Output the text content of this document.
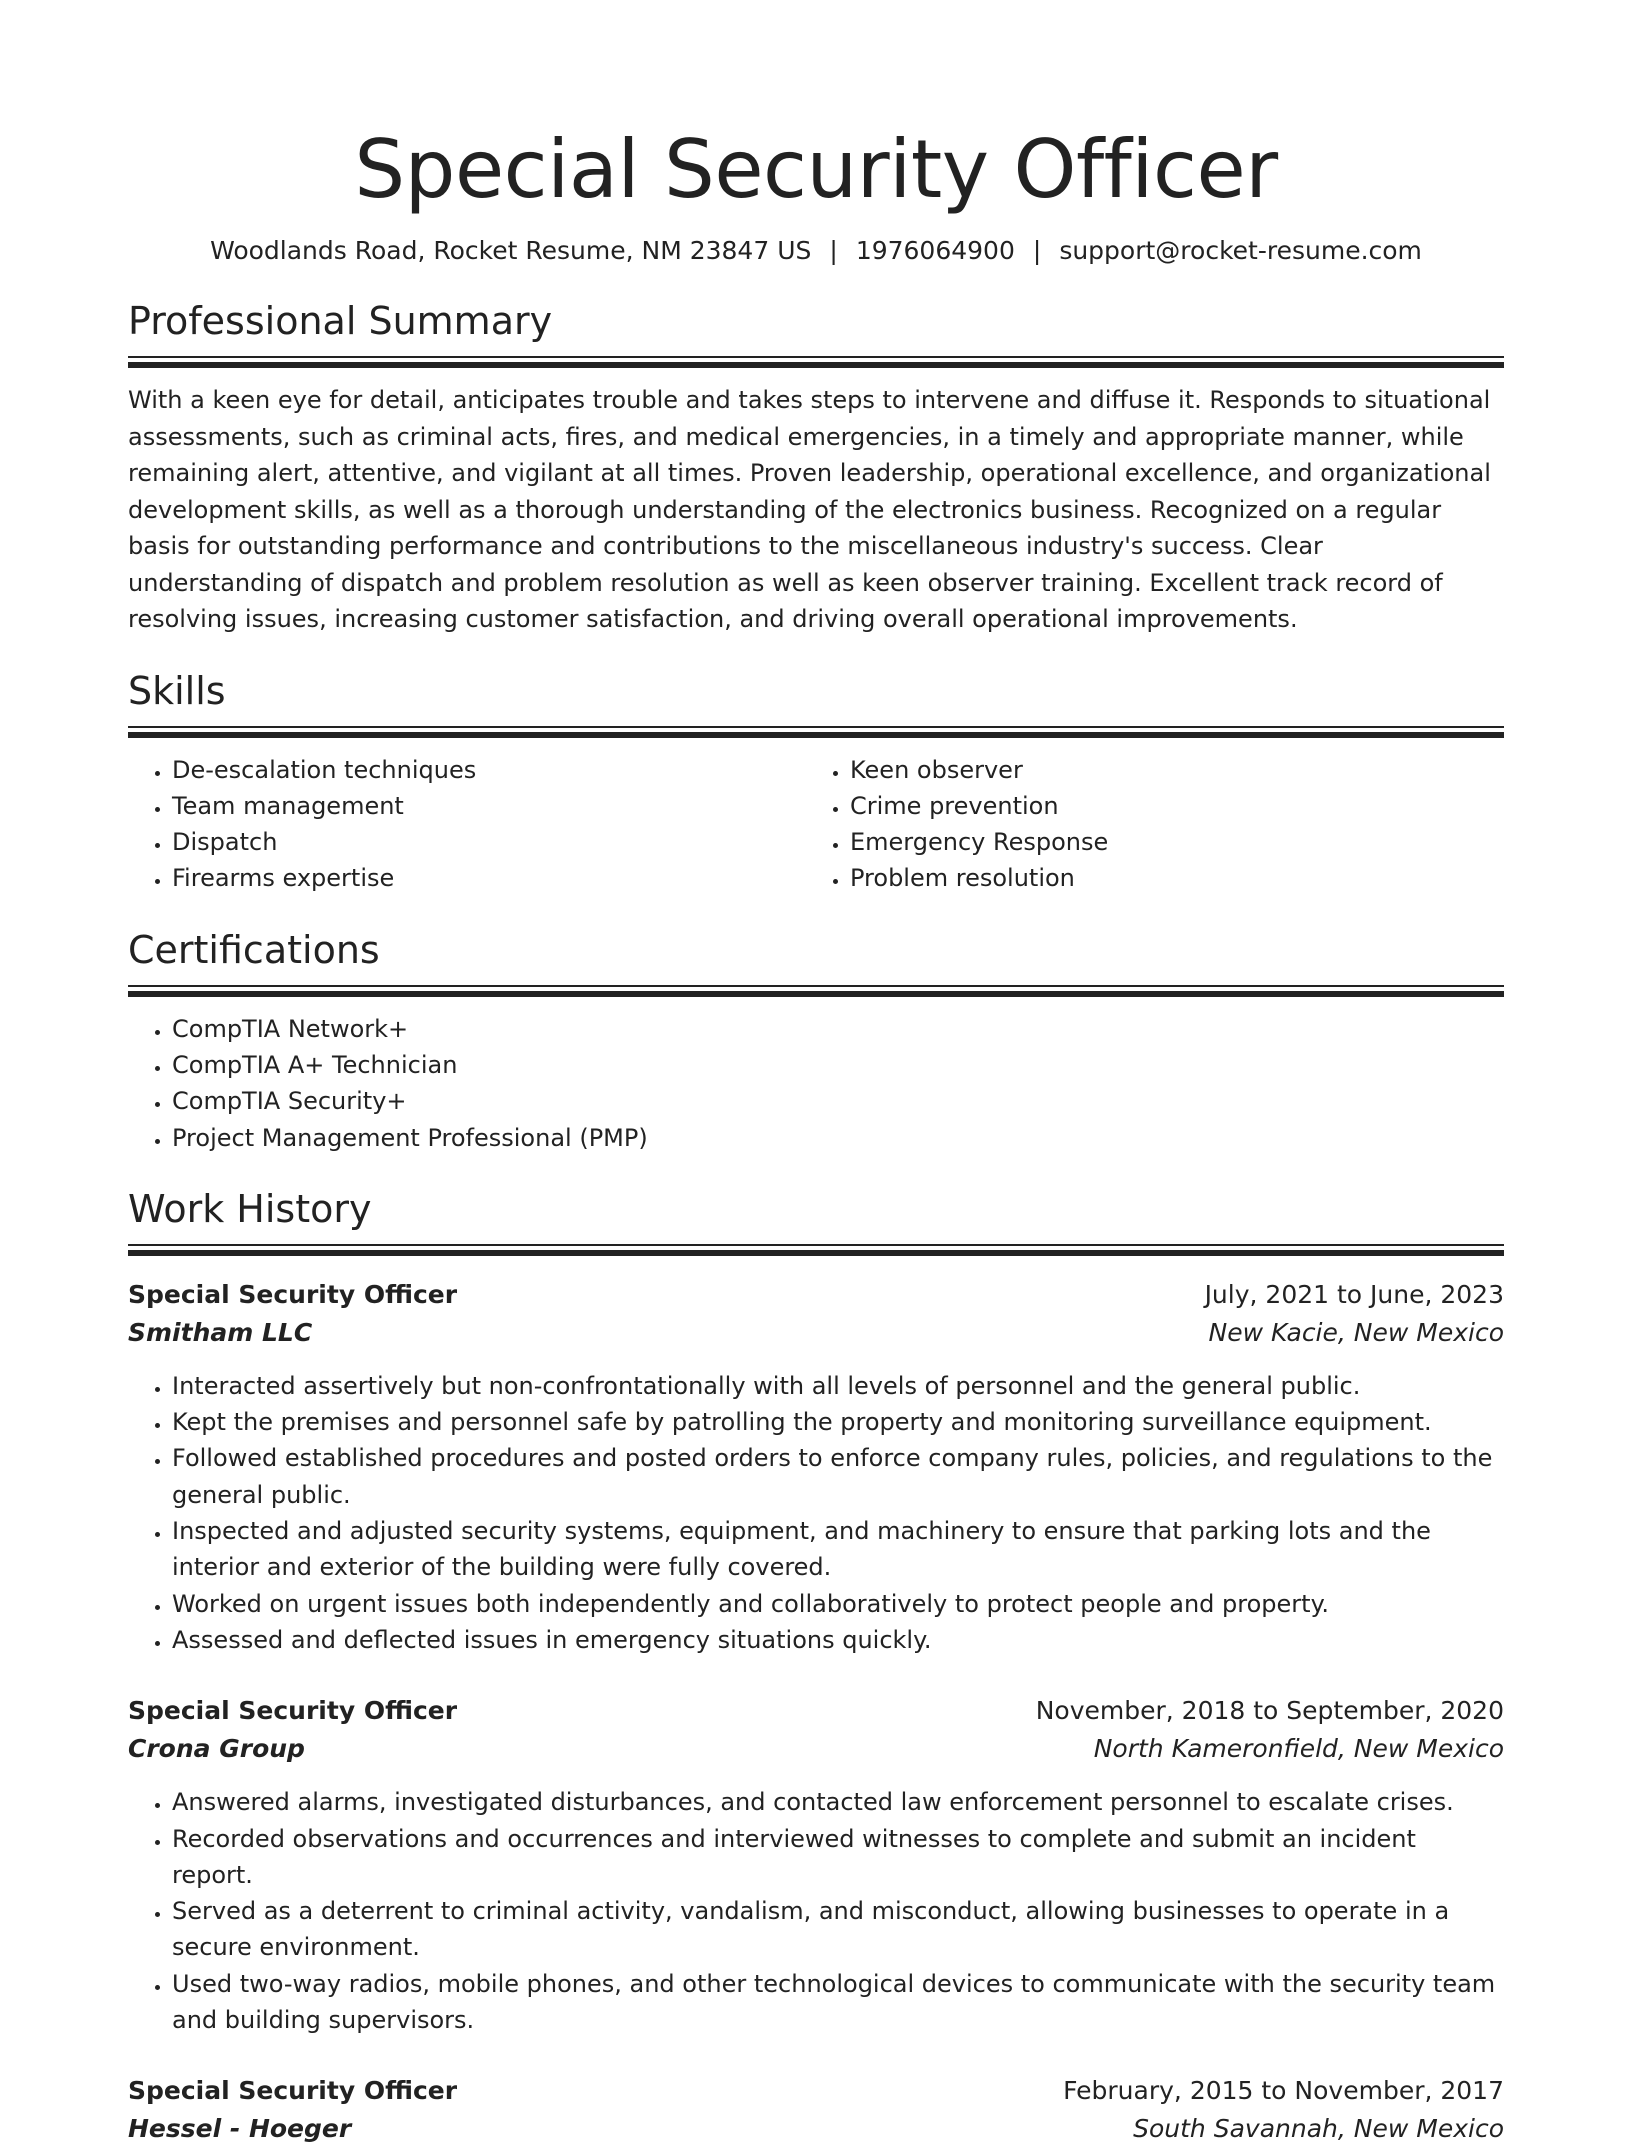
Special Security Officer
Woodlands Road, Rocket Resume, NM 23847 US | 1976064900 | support@rocket-resume.com
Professional Summary
With a keen eye for detail, anticipates trouble and takes steps to intervene and diffuse it. Responds to situational assessments, such as criminal acts, fires, and medical emergencies, in a timely and appropriate manner, while remaining alert, attentive, and vigilant at all times. Proven leadership, operational excellence, and organizational development skills, as well as a thorough understanding of the electronics business. Recognized on a regular basis for outstanding performance and contributions to the miscellaneous industry's success. Clear understanding of dispatch and problem resolution as well as keen observer training. Excellent track record of resolving issues, increasing customer satisfaction, and driving overall operational improvements.
Skills
• De-escalation techniques
• Team management
• Dispatch
• Firearms expertise
• Keen observer
• Crime prevention
• Emergency Response
• Problem resolution
Certifications
• CompTIA Network+
• CompTIA A+ Technician
• CompTIA Security+
• Project Management Professional (PMP)
Work History
Special Security Officer	July, 2021 to June, 2023
Smitham LLC	New Kacie, New Mexico
• Interacted assertively but non-confrontationally with all levels of personnel and the general public.
• Kept the premises and personnel safe by patrolling the property and monitoring surveillance equipment.
• Followed established procedures and posted orders to enforce company rules, policies, and regulations to the general public.
• Inspected and adjusted security systems, equipment, and machinery to ensure that parking lots and the interior and exterior of the building were fully covered.
• Worked on urgent issues both independently and collaboratively to protect people and property.
• Assessed and deflected issues in emergency situations quickly.
Special Security Officer	November, 2018 to September, 2020
Crona Group	North Kameronfield, New Mexico
• Answered alarms, investigated disturbances, and contacted law enforcement personnel to escalate crises.
• Recorded observations and occurrences and interviewed witnesses to complete and submit an incident report.
• Served as a deterrent to criminal activity, vandalism, and misconduct, allowing businesses to operate in a secure environment.
• Used two-way radios, mobile phones, and other technological devices to communicate with the security team and building supervisors.
Special Security Officer	February, 2015 to November, 2017
Hessel - Hoeger	South Savannah, New Mexico
